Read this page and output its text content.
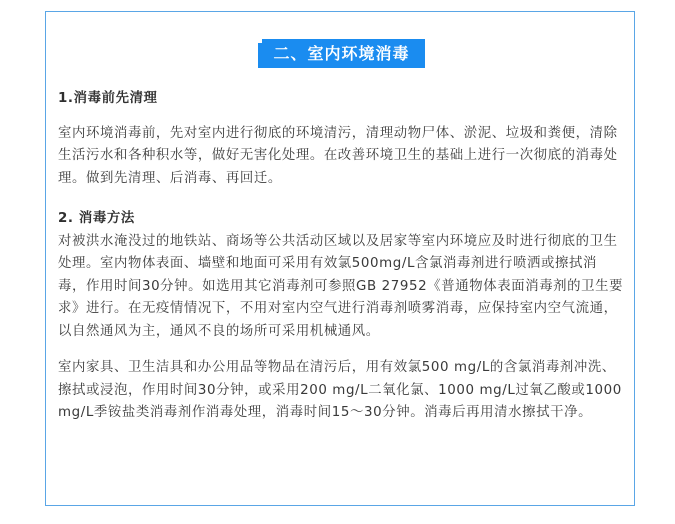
二、室内环境消毒

1.消毒前先清理

室内环境消毒前，先对室内进行彻底的环境清污，清理动物尸体、淤泥、垃圾和粪便，清除生活污水和各种积水等，做好无害化处理。在改善环境卫生的基础上进行一次彻底的消毒处理。做到先清理、后消毒、再回迁。

2. 消毒方法

对被洪水淹没过的地铁站、商场等公共活动区域以及居家等室内环境应及时进行彻底的卫生处理。室内物体表面、墙壁和地面可采用有效氯500mg/L含氯消毒剂进行喷洒或擦拭消毒，作用时间30分钟。如选用其它消毒剂可参照GB 27952《普通物体表面消毒剂的卫生要求》进行。在无疫情情况下，不用对室内空气进行消毒剂喷雾消毒，应保持室内空气流通，以自然通风为主，通风不良的场所可采用机械通风。

室内家具、卫生洁具和办公用品等物品在清污后，用有效氯500 mg/L的含氯消毒剂冲洗、擦拭或浸泡，作用时间30分钟，或采用200 mg/L二氧化氯、1000 mg/L过氧乙酸或1000 mg/L季铵盐类消毒剂作消毒处理，消毒时间15～30分钟。消毒后再用清水擦拭干净。
